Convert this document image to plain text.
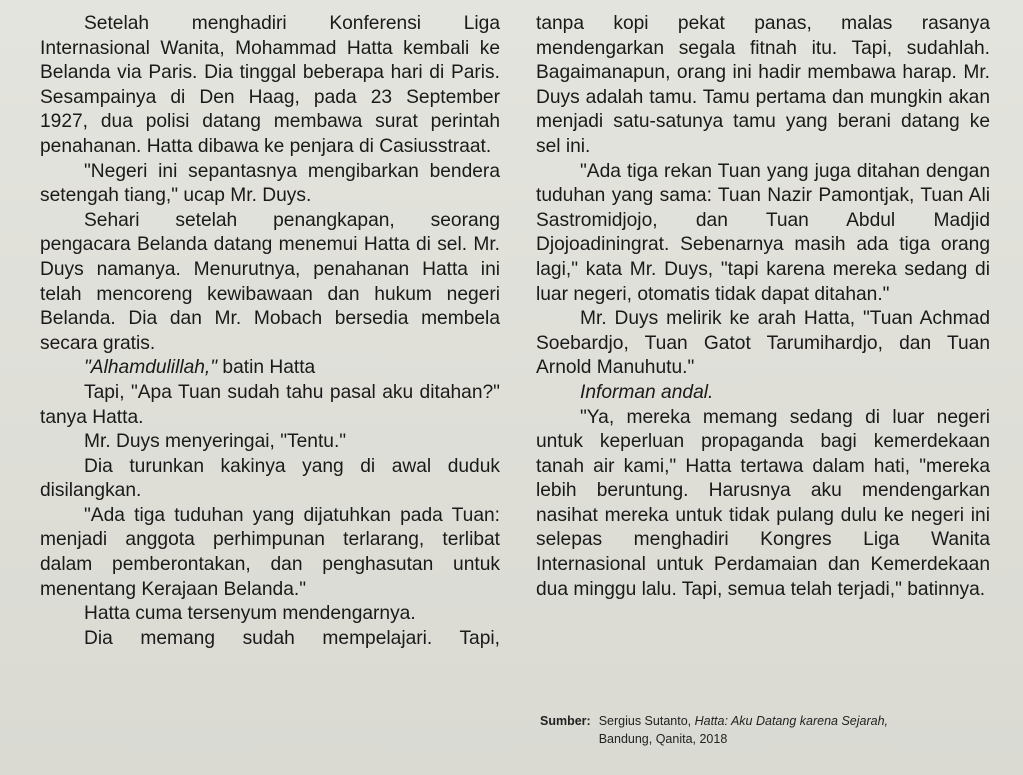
Setelah menghadiri Konferensi Liga Internasional Wanita, Mohammad Hatta kembali ke Belanda via Paris. Dia tinggal beberapa hari di Paris. Sesampainya di Den Haag, pada 23 September 1927, dua polisi datang membawa surat perintah penahanan. Hatta dibawa ke penjara di Casiusstraat.

"Negeri ini sepantasnya mengibarkan bendera setengah tiang," ucap Mr. Duys.

Sehari setelah penangkapan, seorang pengacara Belanda datang menemui Hatta di sel. Mr. Duys namanya. Menurutnya, penahanan Hatta ini telah mencoreng kewibawaan dan hukum negeri Belanda. Dia dan Mr. Mobach bersedia membela secara gratis.

"Alhamdulillah," batin Hatta

Tapi, "Apa Tuan sudah tahu pasal aku ditahan?" tanya Hatta.

Mr. Duys menyeringai, "Tentu."

Dia turunkan kakinya yang di awal duduk disilangkan.

"Ada tiga tuduhan yang dijatuhkan pada Tuan: menjadi anggota perhimpunan terlarang, terlibat dalam pemberontakan, dan penghasutan untuk menentang Kerajaan Belanda."

Hatta cuma tersenyum mendengarnya.

Dia memang sudah mempelajari. Tapi,

tanpa kopi pekat panas, malas rasanya mendengarkan segala fitnah itu. Tapi, sudahlah. Bagaimanapun, orang ini hadir membawa harap. Mr. Duys adalah tamu. Tamu pertama dan mungkin akan menjadi satu-satunya tamu yang berani datang ke sel ini.

"Ada tiga rekan Tuan yang juga ditahan dengan tuduhan yang sama: Tuan Nazir Pamontjak, Tuan Ali Sastromidjojo, dan Tuan Abdul Madjid Djojoadiningrat. Sebenarnya masih ada tiga orang lagi," kata Mr. Duys, "tapi karena mereka sedang di luar negeri, otomatis tidak dapat ditahan."

Mr. Duys melirik ke arah Hatta, "Tuan Achmad Soebardjo, Tuan Gatot Tarumihardjo, dan Tuan Arnold Manuhutu."

Informan andal.

"Ya, mereka memang sedang di luar negeri untuk keperluan propaganda bagi kemerdekaan tanah air kami," Hatta tertawa dalam hati, "mereka lebih beruntung. Harusnya aku mendengarkan nasihat mereka untuk tidak pulang dulu ke negeri ini selepas menghadiri Kongres Liga Wanita Internasional untuk Perdamaian dan Kemerdekaan dua minggu lalu. Tapi, semua telah terjadi," batinnya.

Sumber: Sergius Sutanto, Hatta: Aku Datang karena Sejarah,
Bandung, Qanita, 2018
